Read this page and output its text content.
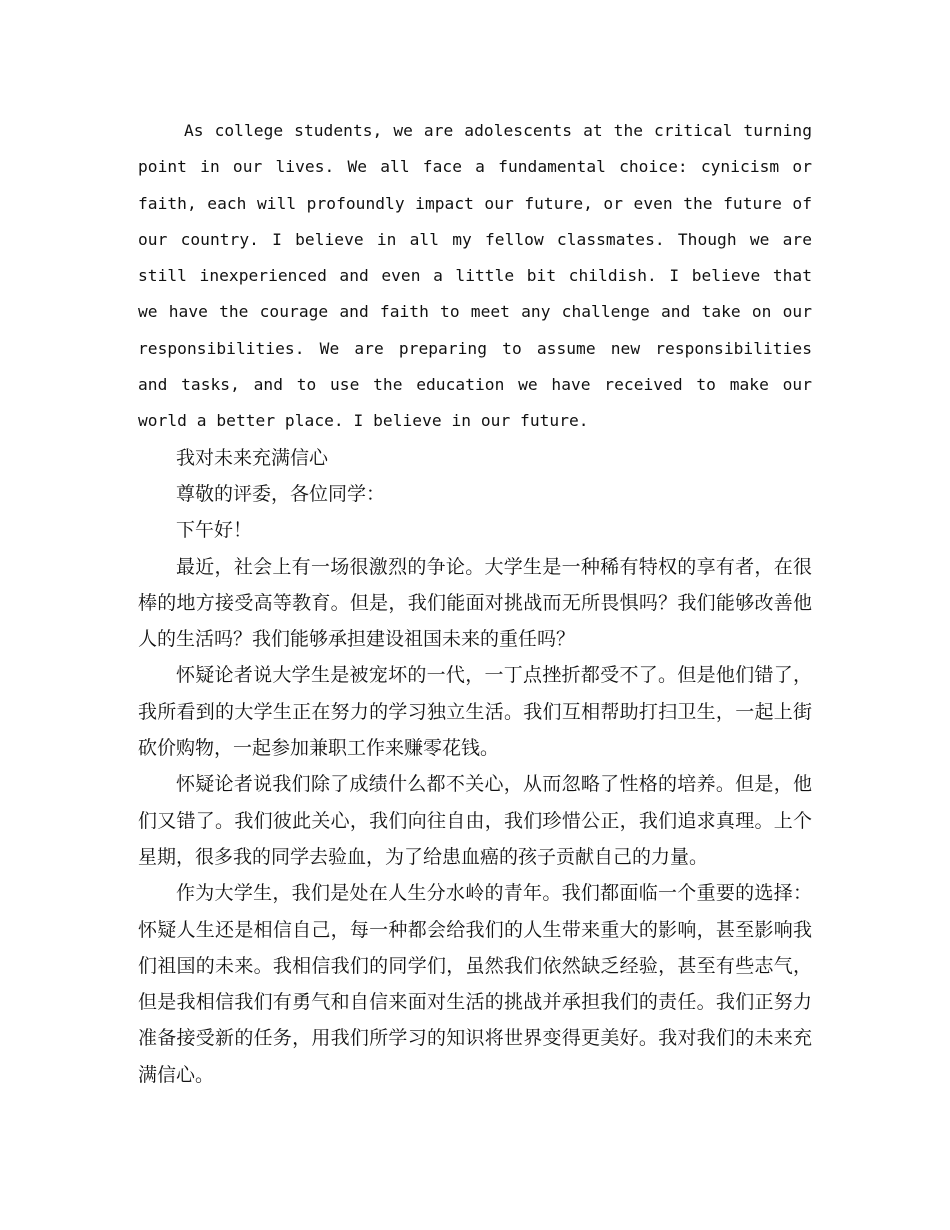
As college students, we are adolescents at the critical turning point in our lives. We all face a fundamental choice: cynicism or faith, each will profoundly impact our future, or even the future of our country. I believe in all my fellow classmates. Though we are still inexperienced and even a little bit childish. I believe that we have the courage and faith to meet any challenge and take on our responsibilities. We are preparing to assume new responsibilities and tasks, and to use the education we have received to make our world a better place. I believe in our future.

我对未来充满信心

尊敬的评委，各位同学：

下午好！

最近，社会上有一场很激烈的争论。大学生是一种稀有特权的享有者，在很棒的地方接受高等教育。但是，我们能面对挑战而无所畏惧吗？我们能够改善他人的生活吗？我们能够承担建设祖国未来的重任吗？

怀疑论者说大学生是被宠坏的一代，一丁点挫折都受不了。但是他们错了，我所看到的大学生正在努力的学习独立生活。我们互相帮助打扫卫生，一起上街砍价购物，一起参加兼职工作来赚零花钱。

怀疑论者说我们除了成绩什么都不关心，从而忽略了性格的培养。但是，他们又错了。我们彼此关心，我们向往自由，我们珍惜公正，我们追求真理。上个星期，很多我的同学去验血，为了给患血癌的孩子贡献自己的力量。

作为大学生，我们是处在人生分水岭的青年。我们都面临一个重要的选择：怀疑人生还是相信自己，每一种都会给我们的人生带来重大的影响，甚至影响我们祖国的未来。我相信我们的同学们，虽然我们依然缺乏经验，甚至有些志气，但是我相信我们有勇气和自信来面对生活的挑战并承担我们的责任。我们正努力准备接受新的任务，用我们所学习的知识将世界变得更美好。我对我们的未来充满信心。
